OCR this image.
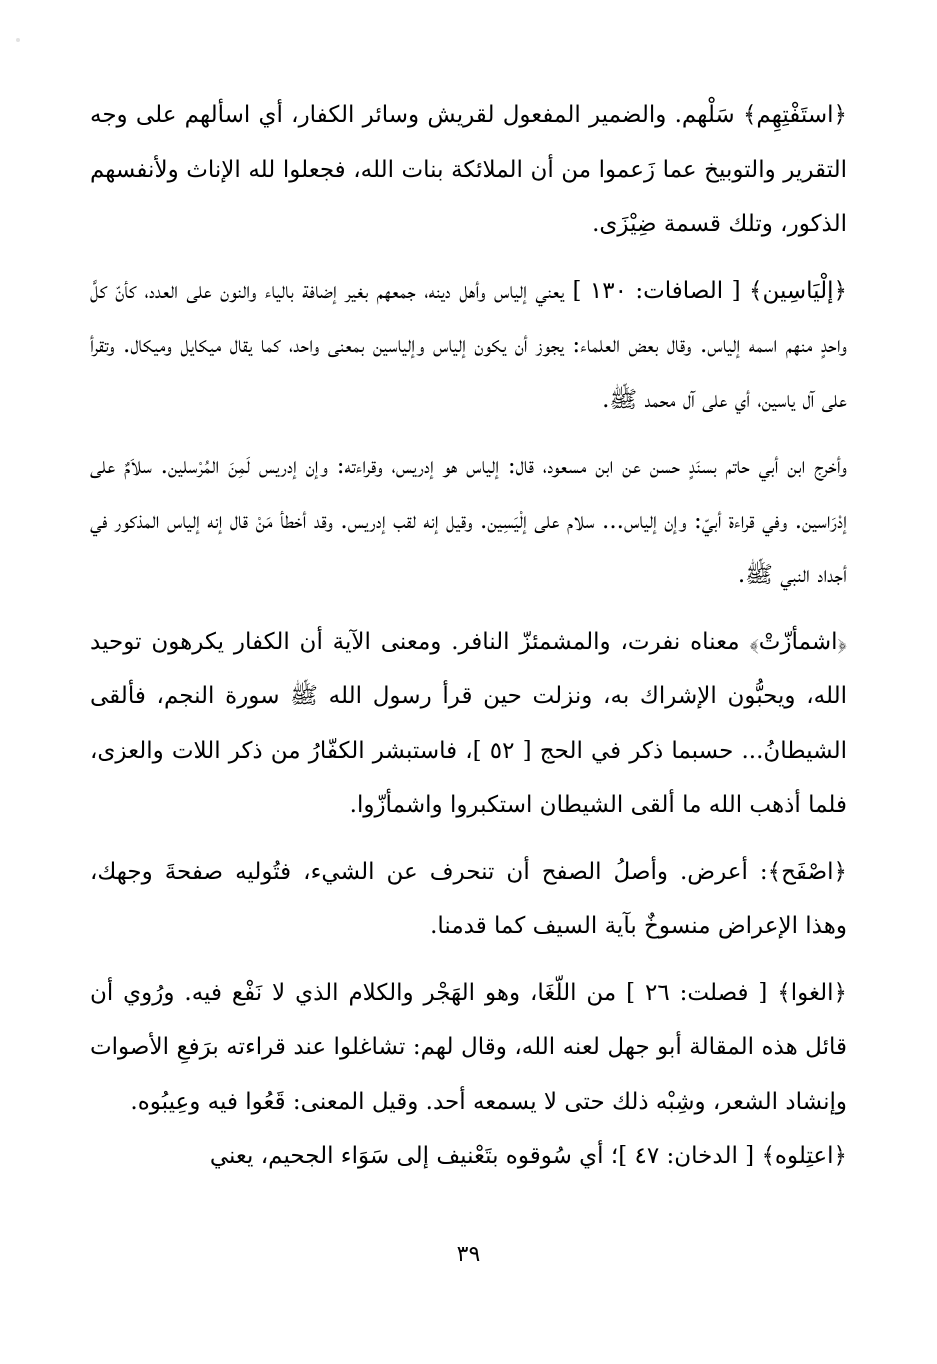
﴿استَفْتِهِم﴾ سَلْهم. والضمير المفعول لقريش وسائر الكفار، أي اسألهم على وجه التقرير والتوبيخ عما زَعموا من أن الملائكة بنات الله، فجعلوا لله الإناث ولأنفسهم الذكور، وتلك قسمة ضِيْزَى.

﴿إلْيَاسِين﴾ [ الصافات: ١٣٠ ] يعني إلياس وأهل دينه، جمعهم بغير إضافة بالياء والنون على العدد، كأنّ كلَّ واحدٍ منهم اسمه إلياس. وقال بعض العلماء: يجوز أن يكون إلياس وإلياسين بمعنى واحد، كما يقال ميكايل وميكال. وتقرأ على آل ياسين، أي على آل محمد ﷺ.

وأخرج ابن أبي حاتم بسنَدٍ حسن عن ابن مسعود، قال: إلياس هو إدريس، وقراءته: وإن إدريس لَمِنَ المُرْسلين. سلاَمٌ على إدْرَاسين. وفي قراءة أبيّ: وإن إلياس... سلام على إلْيَسِين. وقيل إنه لقب إدريس. وقد أخطأ مَنْ قال إنه إلياس المذكور في أجداد النبي ﷺ.

﴿اشمأزّتْ﴾ معناه نفرت، والمشمئزّ النافر. ومعنى الآية أن الكفار يكرهون توحيد الله، ويحبُّون الإشراك به، ونزلت حين قرأ رسول الله ﷺ سورة النجم، فألقى الشيطانُ... حسبما ذكر في الحج [ ٥٢ ]، فاستبشر الكفّارُ من ذكر اللات والعزى، فلما أذهب الله ما ألقى الشيطان استكبروا واشمأزّوا.

﴿اصْفَح﴾: أعرض. وأصلُ الصفح أن تنحرف عن الشيء، فتُوليه صفحةَ وجهك، وهذا الإعراض منسوخٌ بآية السيف كما قدمنا.

﴿الغوا﴾ [ فصلت: ٢٦ ] من اللّغَا، وهو الهَجْر والكلام الذي لا نَفْع فيه. ورُوي أن قائل هذه المقالة أبو جهل لعنه الله، وقال لهم: تشاغلوا عند قراءته برَفعِ الأصوات وإنشاد الشعر، وشِبْه ذلك حتى لا يسمعه أحد. وقيل المعنى: قَعُوا فيه وعِيبُوه.

﴿اعتِلوه﴾ [ الدخان: ٤٧ ]؛ أي سُوقوه بتَعْنيف إلى سَوَاء الجحيم، يعني

٣٩
